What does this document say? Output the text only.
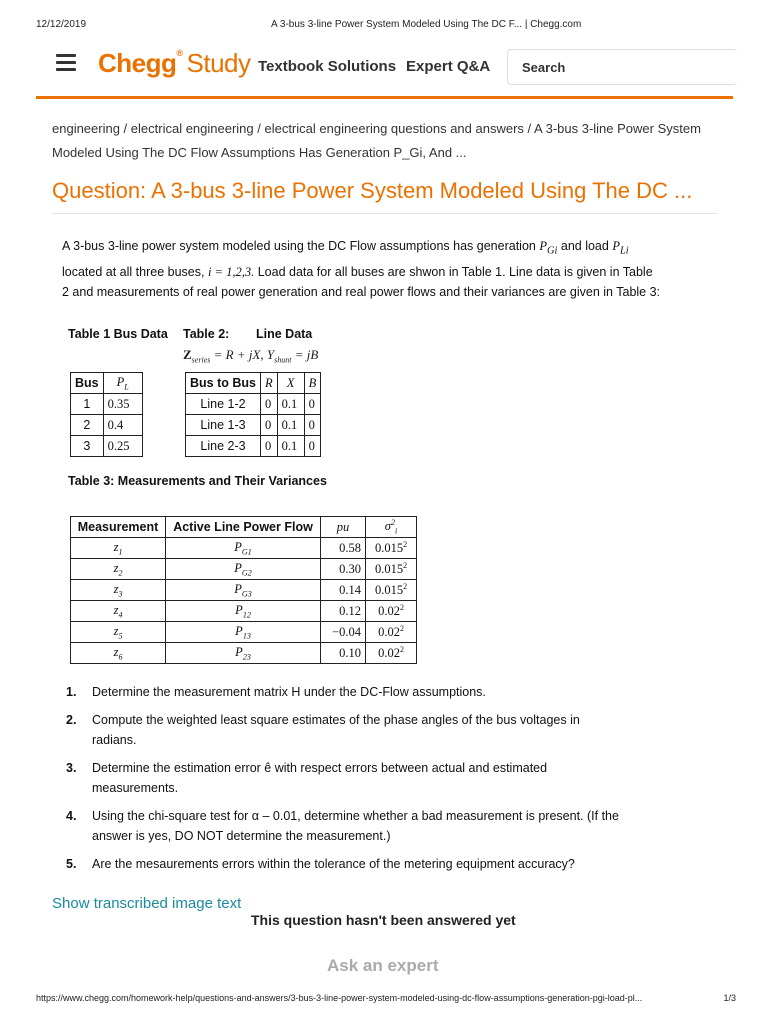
12/12/2019	A 3-bus 3-line Power System Modeled Using The DC F... | Chegg.com
Chegg® Study Textbook Solutions Expert Q&A	Search
engineering / electrical engineering / electrical engineering questions and answers / A 3-bus 3-line Power System Modeled Using The DC Flow Assumptions Has Generation P_Gi, And ...
Question: A 3-bus 3-line Power System Modeled Using The DC ...
A 3-bus 3-line power system modeled using the DC Flow assumptions has generation $P_{Gi}$ and load $P_{Li}$ located at all three buses, i = 1,2,3. Load data for all buses are shwon in Table 1. Line data is given in Table 2 and measurements of real power generation and real power flows and their variances are given in Table 3:
Table 1 Bus Data Table 2: Line Data
$Z_{series} = R$ + jX, $Y_{shunt}$ = jB
Bus	$P_L$
1	0.35
2	0.4
3	0.25
Bus to Bus	R	X	B
Line 1-2	0	0.1	0
Line 1-3	0	0.1	0
Line 2-3	0	0.1	0
Table 3: Measurements and Their Variances
Measurement	Active Line Power Flow	pu	$\sigma^2_i$
$z_1$	$P_{G1}$	0.58	0.015$^2$
$z_2$	$P_{G2}$	0.30	0.015$^2$
$z_3$	$P_{G3}$	0.14	0.015$^2$
$z_4$	$P_{12}$	0.12	0.02$^2$
$z_5$	$P_{13}$	−0.04	0.02$^2$
$z_6$	$P_{23}$	0.10	0.02$^2$
1. Determine the measurement matrix H under the DC-Flow assumptions.
2. Compute the weighted least square estimates of the phase angles of the bus voltages in radians.
3. Determine the estimation error ê with respect errors between actual and estimated measurements.
4. Using the chi-square test for α – 0.01, determine whether a bad measurement is present. (If the answer is yes, DO NOT determine the measurement.)
5. Are the mesaurements errors within the tolerance of the metering equipment accuracy?
Show transcribed image text
This question hasn't been answered yet
Ask an expert
https://www.chegg.com/homework-help/questions-and-answers/3-bus-3-line-power-system-modeled-using-dc-flow-assumptions-generation-pgi-load-pl...	1/3
